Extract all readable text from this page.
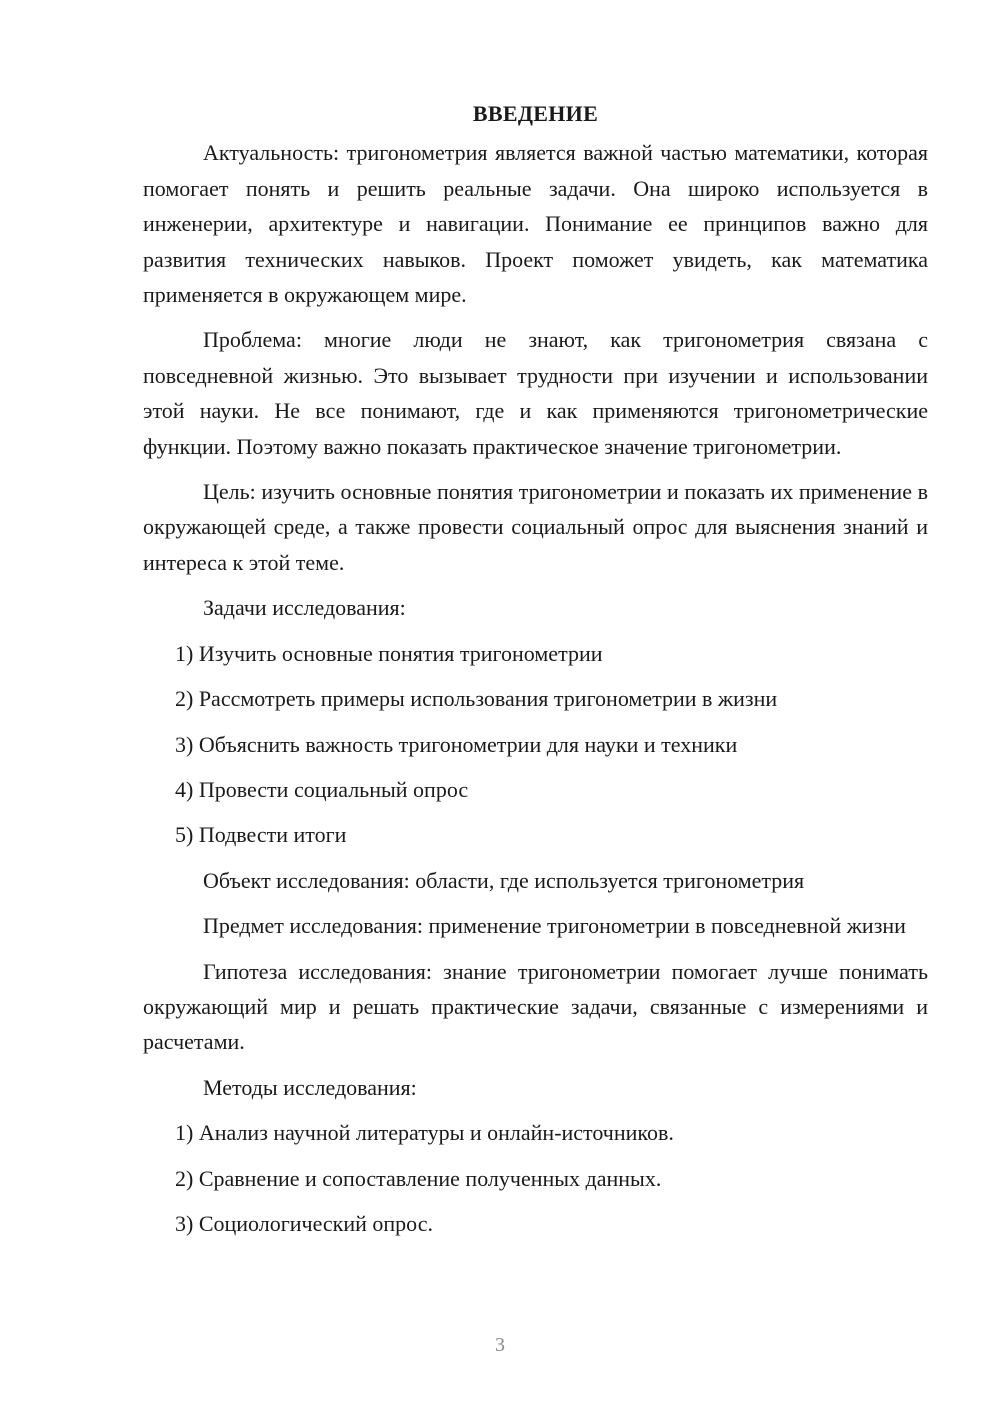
ВВЕДЕНИЕ

Актуальность: тригонометрия является важной частью математики, которая помогает понять и решить реальные задачи. Она широко используется в инженерии, архитектуре и навигации. Понимание ее принципов важно для развития технических навыков. Проект поможет увидеть, как математика применяется в окружающем мире.

Проблема: многие люди не знают, как тригонометрия связана с повседневной жизнью. Это вызывает трудности при изучении и использовании этой науки. Не все понимают, где и как применяются тригонометрические функции. Поэтому важно показать практическое значение тригонометрии.

Цель: изучить основные понятия тригонометрии и показать их применение в окружающей среде, а также провести социальный опрос для выяснения знаний и интереса к этой теме.

Задачи исследования:

1) Изучить основные понятия тригонометрии

2) Рассмотреть примеры использования тригонометрии в жизни

3) Объяснить важность тригонометрии для науки и техники

4) Провести социальный опрос

5) Подвести итоги

Объект исследования: области, где используется тригонометрия

Предмет исследования: применение тригонометрии в повседневной жизни

Гипотеза исследования: знание тригонометрии помогает лучше понимать окружающий мир и решать практические задачи, связанные с измерениями и расчетами.

Методы исследования:

1) Анализ научной литературы и онлайн-источников.

2) Сравнение и сопоставление полученных данных.

3) Социологический опрос.

3
